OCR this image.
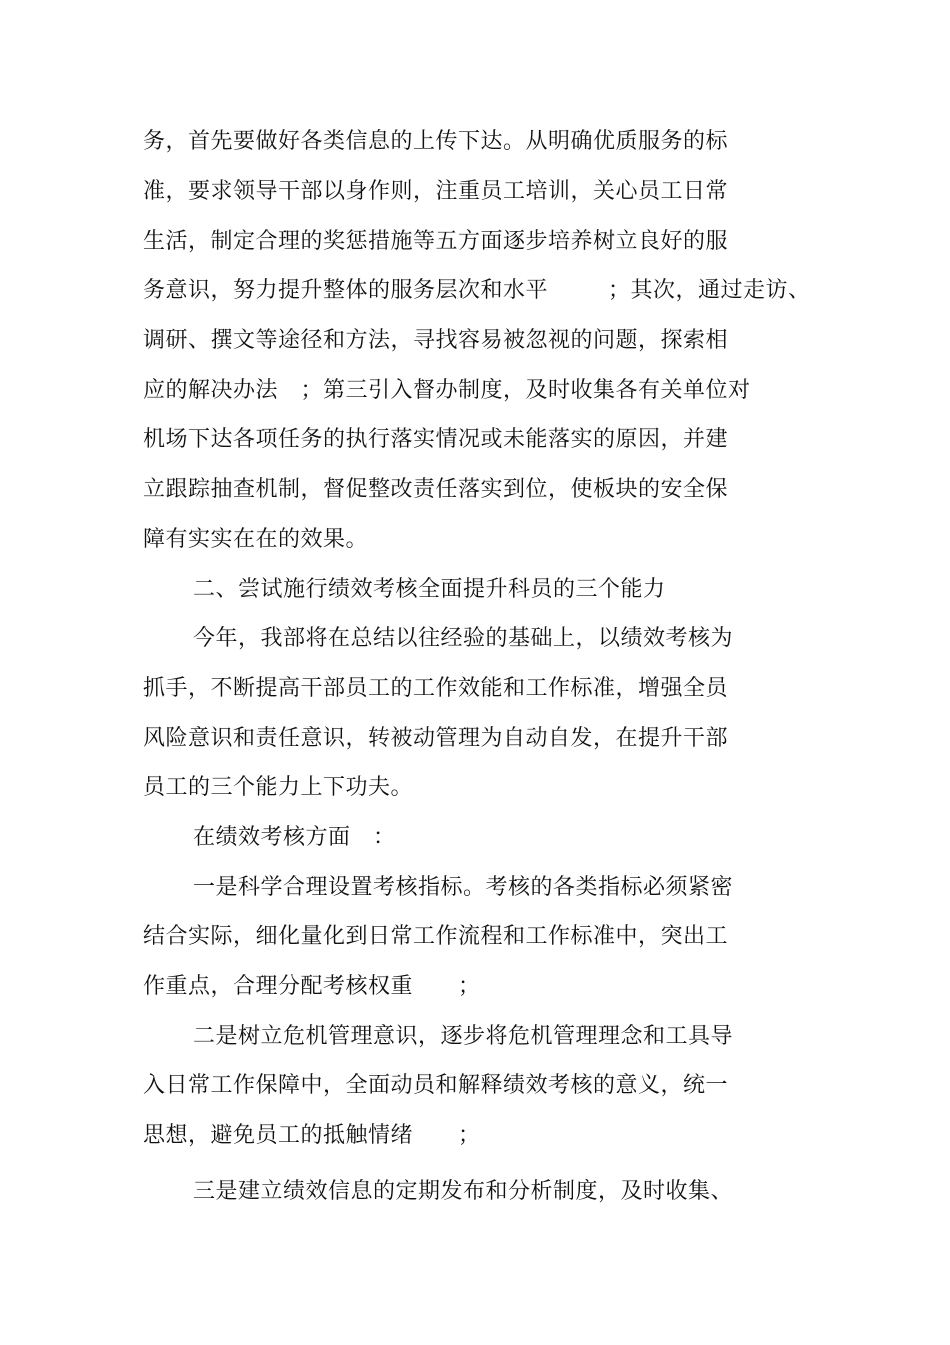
务，首先要做好各类信息的上传下达。从明确优质服务的标
准，要求领导干部以身作则，注重员工培训，关心员工日常
生活，制定合理的奖惩措施等五方面逐步培养树立良好的服
务意识，努力提升整体的服务层次和水平        ；其次，通过走访、
调研、撰文等途径和方法，寻找容易被忽视的问题，探索相
应的解决办法   ；第三引入督办制度，及时收集各有关单位对
机场下达各项任务的执行落实情况或未能落实的原因，并建
立跟踪抽查机制，督促整改责任落实到位，使板块的安全保
障有实实在在的效果。
二、尝试施行绩效考核全面提升科员的三个能力
今年，我部将在总结以往经验的基础上，以绩效考核为
抓手，不断提高干部员工的工作效能和工作标准，增强全员
风险意识和责任意识，转被动管理为自动自发，在提升干部
员工的三个能力上下功夫。
在绩效考核方面   ：
一是科学合理设置考核指标。考核的各类指标必须紧密
结合实际，细化量化到日常工作流程和工作标准中，突出工
作重点，合理分配考核权重      ；
二是树立危机管理意识，逐步将危机管理理念和工具导
入日常工作保障中，全面动员和解释绩效考核的意义，统一
思想，避免员工的抵触情绪      ；
三是建立绩效信息的定期发布和分析制度，及时收集、
